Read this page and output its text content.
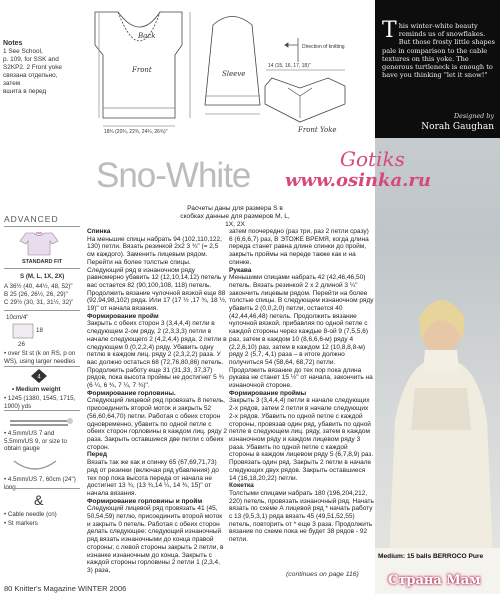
Back
Front	Sleeve
Front Yoke
Direction of knitting
18¾ (20¾, 22¾, 24¾, 26¾)"
14 (15, 16, 17, 18)"
Notes
1 See School,
p. 109, for SSK and
S2KP2. 2 Front yoke
связана отдельно, затем
вшита в перед
T his winter-white beauty reminds us of snowflakes. But those frosty little shapes pale in comparison to the cable textures on this yoke. The generous turtleneck is enough to have you thinking "let it snow!"
Designed by
Norah Gaughan
Sno-White
Расчеты даны для размера S в скобках данные для размеров M, L, 1X, 2X
Gotiks
www.osinka.ru
ADVANCED
STANDARD FIT
S (M, L, 1X, 2X)
A 36½ (40, 44½, 48, 52)"
B 25 (26, 26½, 26, 29)"
C 29½ (30, 31, 31½, 32)"
10cm/4"
18
26
• over St st (k on RS, p on WS), using larger needles
4
• Medium weight
• 1245 (1380, 1545, 1715, 1900) yds
• 4.5mm/US 7 and 5.5mm/US 9, or size to obtain gauge
• 4.5mm/US 7, 60cm (24") long
&
• Cable needle (cn)
• St markers
Спинка
На меньшие спицы набрать 94 (102,110,122, 130) петли. Вязать резинкой 2х2 3 ¾" (= 2,5 см каждого). Заменить лицевым рядом. Перейти на более толстые спицы. Следующий ряд в изнаночном ряду равномерно убавить 12 (12,10,14,12) петель у вас остается 82 (90,100,108, 118) петель. Продолжить вязание чулочной вязкой еще 88 (92,94,98,102) ряда. Или 17 (17 ½ ,17 ¾, 18 ½, 19)" от начала вязания.
Формирование пройм
Закрыть с обеих сторон 3 (3,4,4,4) петли в следующем 2-ом ряду, 2 (2,3,3,3) петли в начале следующего 2 (4,2,4,4) ряда, 2 петли в следующем 0 (0,2,2,4) ряду. Убавить одну петлю в каждом лиц. ряду 2 (2,3,2,2) раза. У вас должно остаться 68 (72,76,80,86) петель. Продолжить работу еще 31 (31,33, 37,37) рядов, пока высота проймы не достигнет 5 ¾ (6 ¼, 6 ¾, 7 ¼, 7 ¾)".
Формирование горловины.
Следующий лицевой ряд провязать 8 петель, присоединить второй моток и закрыть 52 (56,60,64,70) петли. Работая с обеих сторон одновременно, убавить по одной петле с обеих сторон горловины в каждом лиц. ряду 2 раза. Закрыть оставшиеся две петли с обеих сторон.
Перед
Вязать так же как и спинку 65 (67,69,71,73) ряд от резинки (включая ряд убавления) до тех пор пока высота переда от начала не достигнет 13 ¾, (13 ¾,14 ¼, 14 ¾, 15)" от начала вязания.
Формирование горловины и пройм
Следующий лицевой ряд провязать 41 (45, 50,54,59) петлю, присоединить второй моток и закрыть 0 петель. Работая с обеих сторон делать следующее: следующий изнаночный ряд вязать изнаночными до конца правой стороны; с левой стороны закрыть 2 петли, в изнанке изнаночным до конца. Закрыть с каждой стороны горловины 2 петли 1 (2,3,4, 3) раза,
затем поочередно (раз три, раз 2 петли сразу) 6 (6,6,6,7) раз, В ЭТОЖЕ ВРЕМЯ, когда длина переда станет равна длине спинки до пройм, закрыть проймы на переде также как и на спинке.
Рукава
Меньшими спицами набрать 42 (42,46,46,50) петель. Вязать резинкой 2 х 2 длиной 3 ¼" закончить лицевым рядом. Перейти на более толстые спицы. В следующем изнаночном ряду убавить 2 (0,0,2,0) петли, остается 40 (42,44,46,48) петель. Продолжить вязание чулочной вязкой, прибавляя по одной петле с каждой стороны через каждые 8-ой 9 (7,5,5,6) раз, затем в каждом 10 (8,6,6,6-м) ряду 4 (2,2,6,10) раз, затем в каждом 12 (10,8,8,8-м) ряду 2 (5,7, 4,1) раза – в итоге должно получиться 54 (58,64, 68,72) петли. Продолжить вязание до тех пор пока длина рукава не станет 15 ½" от начала, закончить на изнаночной стороне.
Формирование проймы
Закрыть 3 (3,4,4,4) петли в начале следующих 2-х рядов, затем 2 петли в начале следующих 2-х рядов. Убавить по одной петле с каждой стороны, провязав один ряд, убавить по одной петле в следующем лиц. ряду, затем в каждом изнаночном ряду и каждом лицевом ряду 3 раза. Убавить по одной петле с каждой стороны в каждом лицевом ряду 5 (6,7,8,9) раз. Провязать один ряд. Закрыть 2 петли в начале следующих двух рядов. Закрыть оставшиеся 14 (16,18,20,22) петли.
Кокетка
Толстыми спицами набрать 180 (196,204,212, 220) петель, провязать изнаночный ряд. Начать вязать по схеме А лицевой ряд * начать работу с 13 (9,5,3,1) ряда вязать 45 (49,51,52,55) петель, повторить от * еще 3 раза. Продолжить вязание по схеме пока не будет 38 рядов - 92 петли.
(continues on page 116)
80 Knitter's Magazine WINTER 2006
Medium: 15 balls BERROCO Pure
Страна Мам
